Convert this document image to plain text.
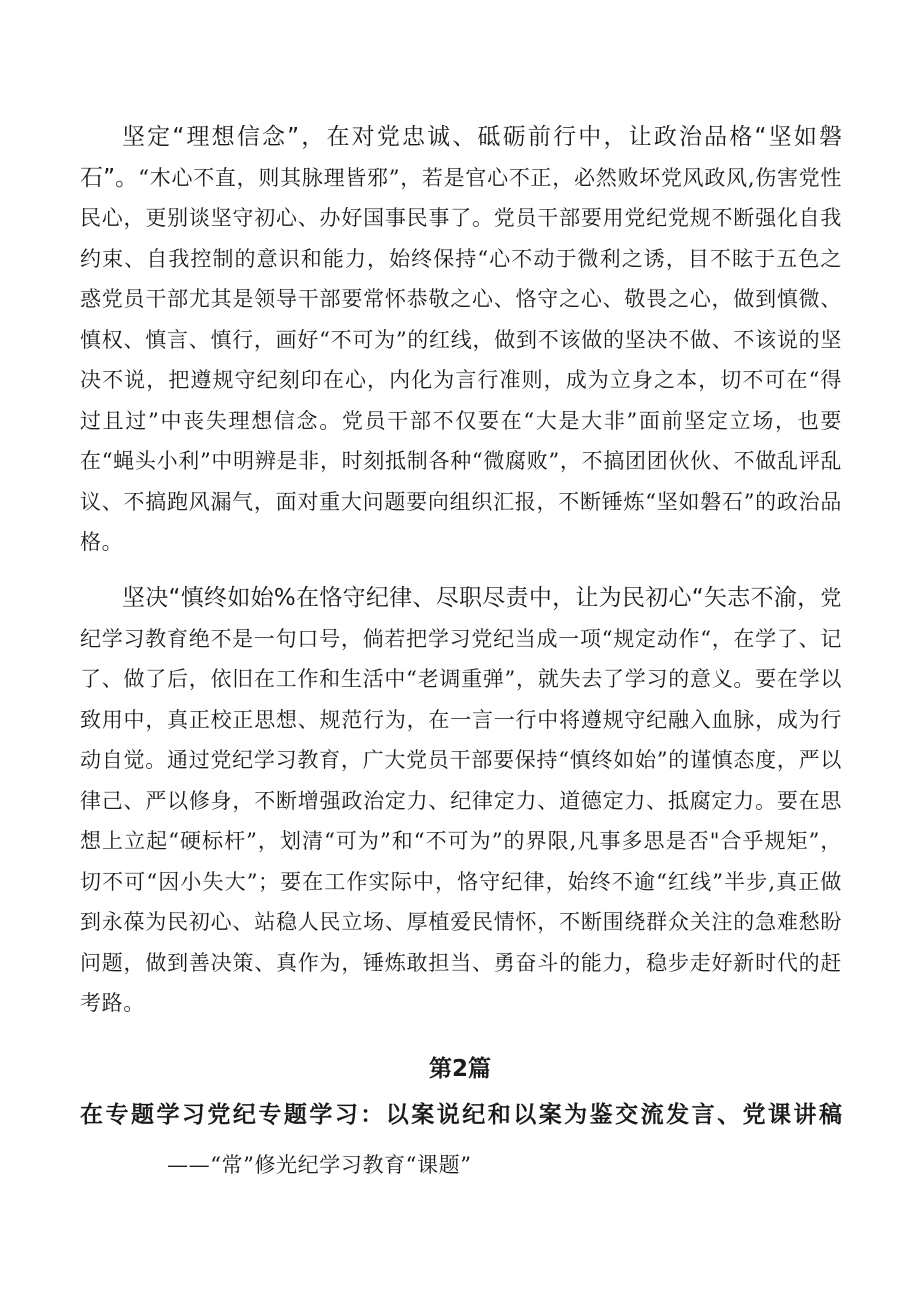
坚定“理想信念”，在对党忠诚、砥砺前行中，让政治品格“坚如磐石”。“木心不直，则其脉理皆邪”，若是官心不正，必然败坏党风政风,伤害党性民心，更别谈坚守初心、办好国事民事了。党员干部要用党纪党规不断强化自我约束、自我控制的意识和能力，始终保持“心不动于微利之诱，目不眩于五色之惑党员干部尤其是领导干部要常怀恭敬之心、恪守之心、敬畏之心，做到慎微、慎权、慎言、慎行，画好“不可为”的红线，做到不该做的坚决不做、不该说的坚决不说，把遵规守纪刻印在心，内化为言行准则，成为立身之本，切不可在“得过且过”中丧失理想信念。党员干部不仅要在“大是大非”面前坚定立场，也要在“蝇头小利”中明辨是非，时刻抵制各种“微腐败”，不搞团团伙伙、不做乱评乱议、不搞跑风漏气，面对重大问题要向组织汇报，不断锤炼“坚如磐石”的政治品格。

坚决“慎终如始%在恪守纪律、尽职尽责中，让为民初心“矢志不渝，党纪学习教育绝不是一句口号，倘若把学习党纪当成一项“规定动作“，在学了、记了、做了后，依旧在工作和生活中“老调重弹”，就失去了学习的意义。要在学以致用中，真正校正思想、规范行为，在一言一行中将遵规守纪融入血脉，成为行动自觉。通过党纪学习教育，广大党员干部要保持“慎终如始”的谨慎态度，严以律己、严以修身，不断增强政治定力、纪律定力、道德定力、抵腐定力。要在思想上立起“硬标杆”，划清“可为”和“不可为”的界限,凡事多思是否"合乎规矩”，切不可“因小失大”；要在工作实际中，恪守纪律，始终不逾“红线”半步,真正做到永葆为民初心、站稳人民立场、厚植爱民情怀，不断围绕群众关注的急难愁盼问题，做到善决策、真作为，锤炼敢担当、勇奋斗的能力，稳步走好新时代的赶考路。

第2篇
在专题学习党纪专题学习：以案说纪和以案为鉴交流发言、党课讲稿

——“常”修光纪学习教育“课题”
